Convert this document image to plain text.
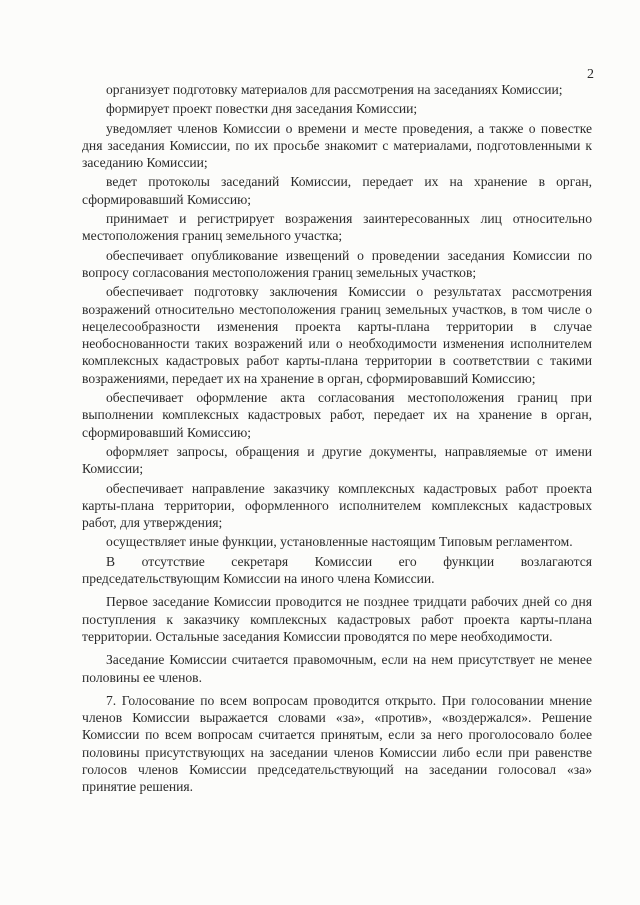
2

организует подготовку материалов для рассмотрения на заседаниях Комиссии;

формирует проект повестки дня заседания Комиссии;

уведомляет членов Комиссии о времени и месте проведения, а также о повестке дня заседания Комиссии, по их просьбе знакомит с материалами, подготовленными к заседанию Комиссии;

ведет протоколы заседаний Комиссии, передает их на хранение в орган, сформировавший Комиссию;

принимает и регистрирует возражения заинтересованных лиц относительно местоположения границ земельного участка;

обеспечивает опубликование извещений о проведении заседания Комиссии по вопросу согласования местоположения границ земельных участков;

обеспечивает подготовку заключения Комиссии о результатах рассмотрения возражений относительно местоположения границ земельных участков, в том числе о нецелесообразности изменения проекта карты-плана территории в случае необоснованности таких возражений или о необходимости изменения исполнителем комплексных кадастровых работ карты-плана территории в соответствии с такими возражениями, передает их на хранение в орган, сформировавший Комиссию;

обеспечивает оформление акта согласования местоположения границ при выполнении комплексных кадастровых работ, передает их на хранение в орган, сформировавший Комиссию;

оформляет запросы, обращения и другие документы, направляемые от имени Комиссии;

обеспечивает направление заказчику комплексных кадастровых работ проекта карты-плана территории, оформленного исполнителем комплексных кадастровых работ, для утверждения;

осуществляет иные функции, установленные настоящим Типовым регламентом.

В отсутствие секретаря Комиссии его функции возлагаются председательствующим Комиссии на иного члена Комиссии.

Первое заседание Комиссии проводится не позднее тридцати рабочих дней со дня поступления к заказчику комплексных кадастровых работ проекта карты-плана территории. Остальные заседания Комиссии проводятся по мере необходимости.

Заседание Комиссии считается правомочным, если на нем присутствует не менее половины ее членов.

7. Голосование по всем вопросам проводится открыто. При голосовании мнение членов Комиссии выражается словами «за», «против», «воздержался». Решение Комиссии по всем вопросам считается принятым, если за него проголосовало более половины присутствующих на заседании членов Комиссии либо если при равенстве голосов членов Комиссии председательствующий на заседании голосовал «за» принятие решения.
